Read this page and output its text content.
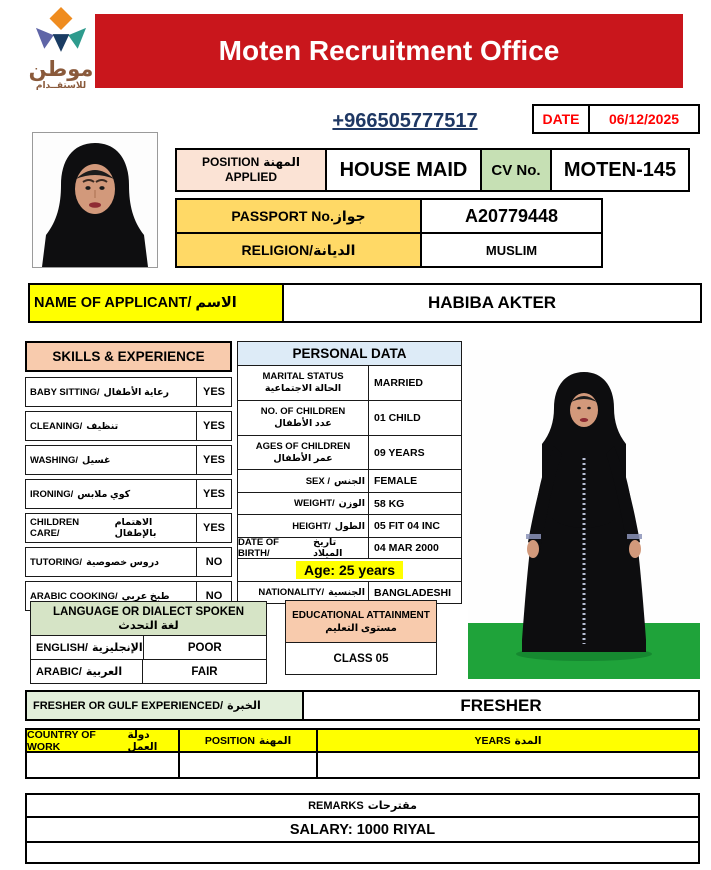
موطن
للاستقــدام
Moten Recruitment Office
+966505777517	DATE	06/12/2025
POSITION المهنة
APPLIED	HOUSE MAID	CV No.	MOTEN-145
PASSPORT No. جواز	A20779448
RELIGION/ الديانة	MUSLIM
NAME OF APPLICANT/ الاسم	HABIBA AKTER
SKILLS & EXPERIENCE
BABY SITTING/ رعاية الأطفال	YES
CLEANING/ تنظيف	YES
WASHING/ غسيل	YES
IRONING/ كوي ملابس	YES
CHILDREN CARE/
الاهتمام بالإطفال	YES
TUTORING/ دروس خصوصية	NO
ARABIC COOKING/ طبخ عربي	NO
PERSONAL DATA
MARITAL STATUS
الحالة الاجتماعية	MARRIED
NO. OF CHILDREN
عدد الأطفال	01 CHILD
AGES OF CHILDREN
عمر الأطفال	09 YEARS
SEX / الجنس FEMALE
WEIGHT/ الوزن 58 KG
HEIGHT/ الطول 05 FIT 04 INC
DATE OF BIRTH/
تاريخ الميلاد	04 MAR 2000
Age: 25 years
NATIONALITY/ الجنسية BANGLADESHI
LANGUAGE OR DIALECT SPOKEN
لغة التحدث
ENGLISH/ الإنجليزية	POOR
ARABIC/ العربية	FAIR
EDUCATIONAL ATTAINMENT
مستوى التعليم
CLASS 05
FRESHER OR GULF EXPERIENCED/ الخبرة	FRESHER
COUNTRY OF WORK
دولة العمل	POSITION المهنة	YEARS المدة
REMARKS مقترحات
SALARY: 1000 RIYAL
